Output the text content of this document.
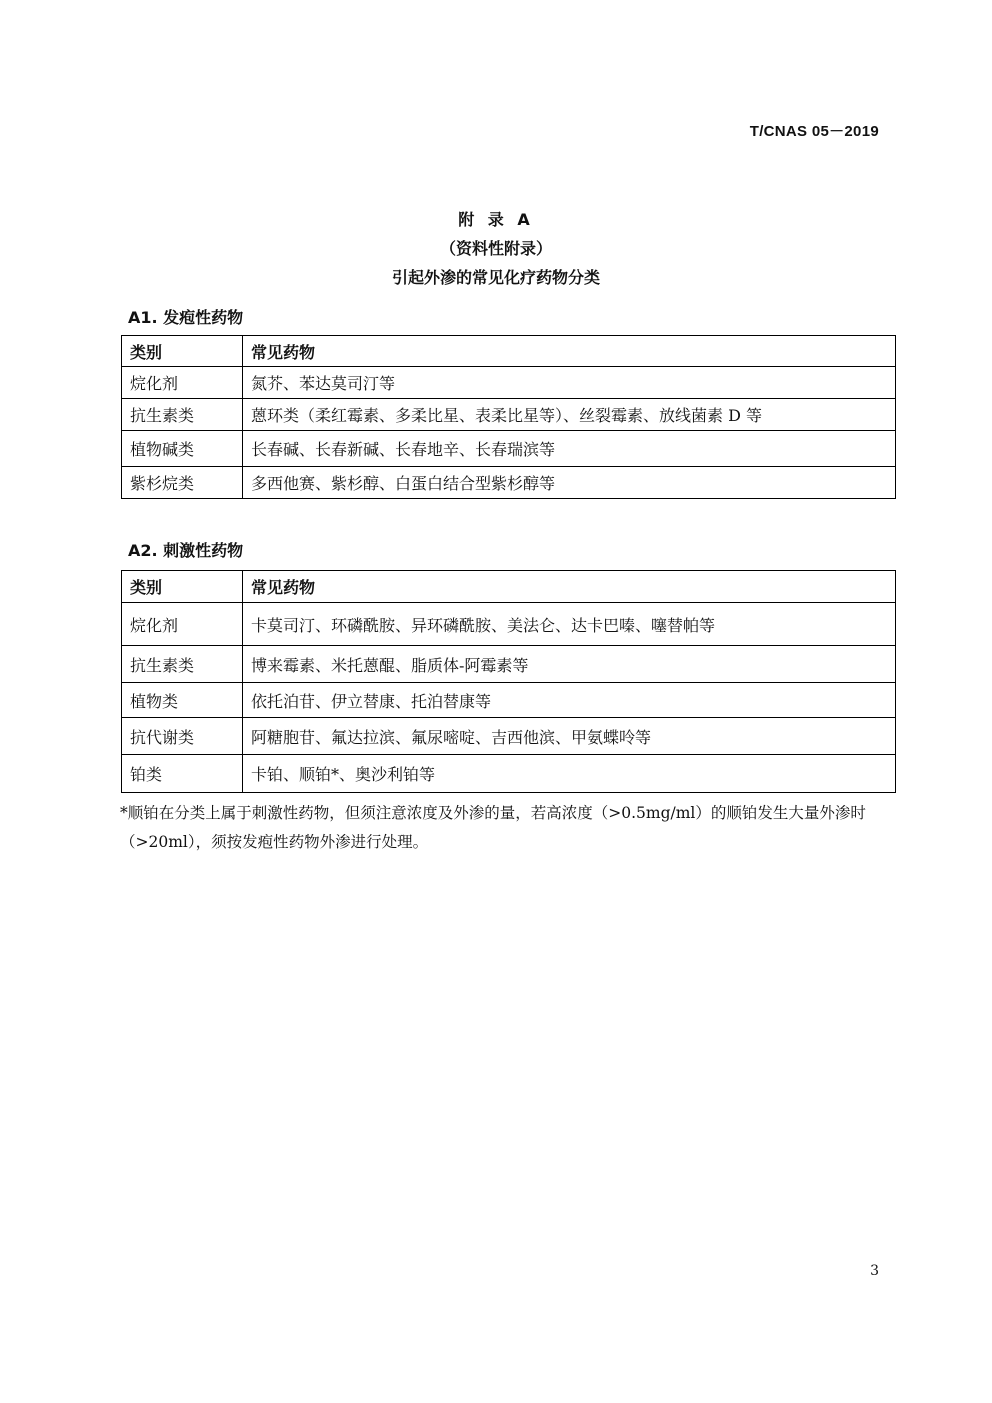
T/CNAS 05－2019
附 录 A
（资料性附录）
引起外渗的常见化疗药物分类
A1. 发疱性药物
类别	常见药物
烷化剂	氮芥、苯达莫司汀等
抗生素类	蒽环类（柔红霉素、多柔比星、表柔比星等）、丝裂霉素、放线菌素 D 等
植物碱类	长春碱、长春新碱、长春地辛、长春瑞滨等
紫杉烷类	多西他赛、紫杉醇、白蛋白结合型紫杉醇等
A2. 刺激性药物
类别	常见药物
烷化剂	卡莫司汀、环磷酰胺、异环磷酰胺、美法仑、达卡巴嗪、噻替帕等
抗生素类	博来霉素、米托蒽醌、脂质体-阿霉素等
植物类	依托泊苷、伊立替康、托泊替康等
抗代谢类	阿糖胞苷、氟达拉滨、氟尿嘧啶、吉西他滨、甲氨蝶呤等
铂类	卡铂、顺铂*、奥沙利铂等
*顺铂在分类上属于刺激性药物，但须注意浓度及外渗的量，若高浓度（>0.5mg/ml）的顺铂发生大量外渗时（>20ml），须按发疱性药物外渗进行处理。
3
